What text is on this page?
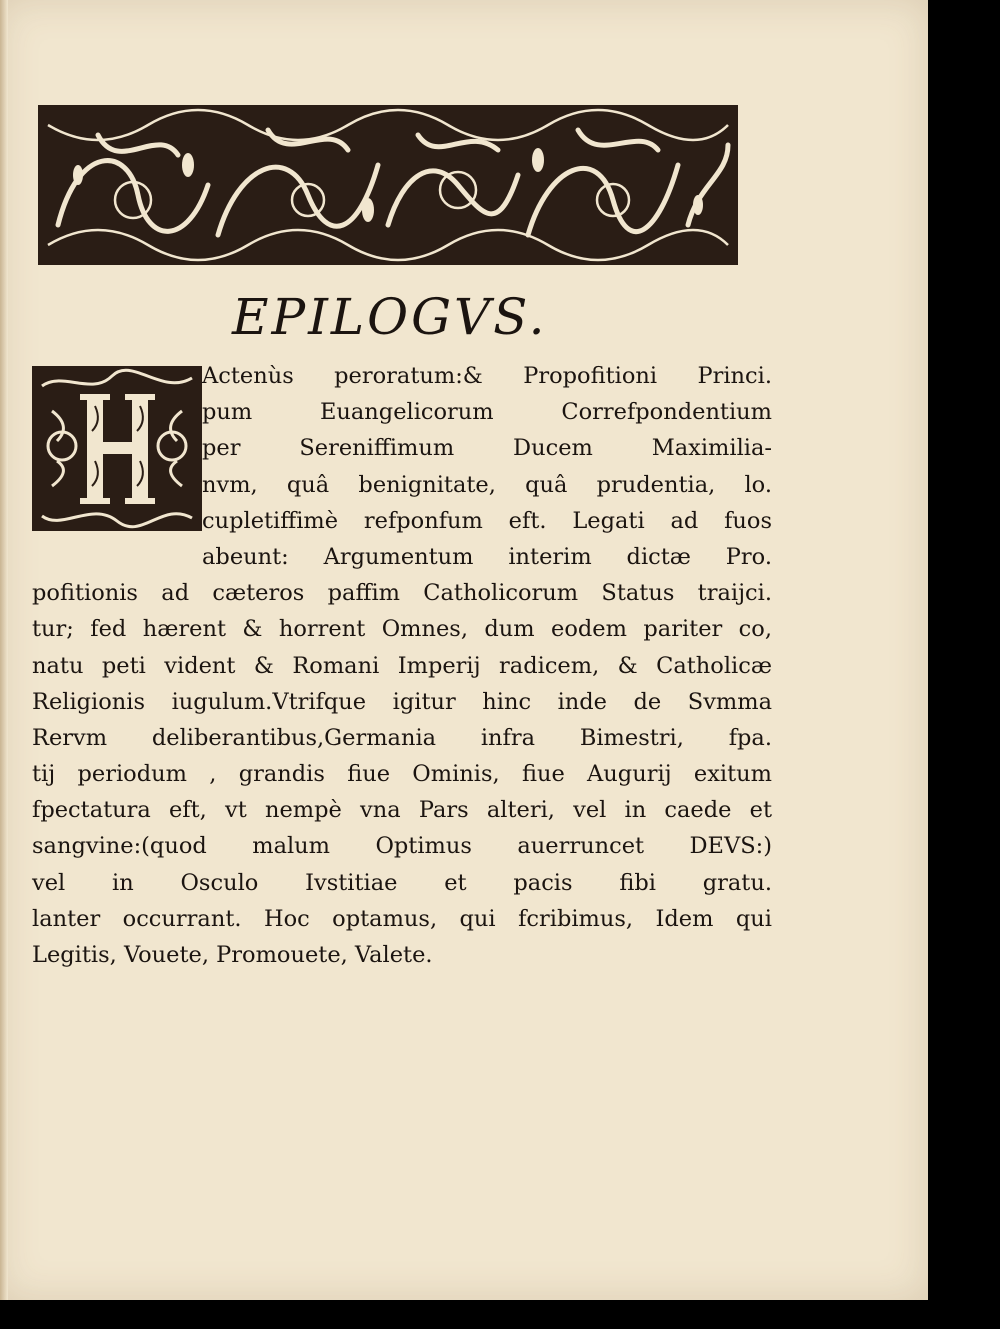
EPILOGVS.
Actenùs peroratum:& Propofitioni Princi.
pum Euangelicorum Correfpondentium
per Sereniffimum Ducem Maximilia-
nvm, quâ benignitate, quâ prudentia, lo.
cupletiffimè refponfum eft. Legati ad fuos
abeunt: Argumentum interim dictæ Pro.
pofitionis ad cæteros paffim Catholicorum Status traijci.
tur; fed hærent & horrent Omnes, dum eodem pariter co,
natu peti vident & Romani Imperij radicem, & Catholicæ
Religionis iugulum.Vtrifque igitur hinc inde de Svmma
Rervm deliberantibus,Germania infra Bimestri, fpa.
tij periodum , grandis fiue Ominis, fiue Augurij exitum
fpectatura eft, vt nempè vna Pars alteri, vel in caede et
sangvine:(quod malum Optimus auerruncet DEVS:)
vel in Osculo Ivstitiae et pacis fibi gratu.
lanter occurrant. Hoc optamus, qui fcribimus, Idem qui
Legitis, Vouete, Promouete, Valete.
